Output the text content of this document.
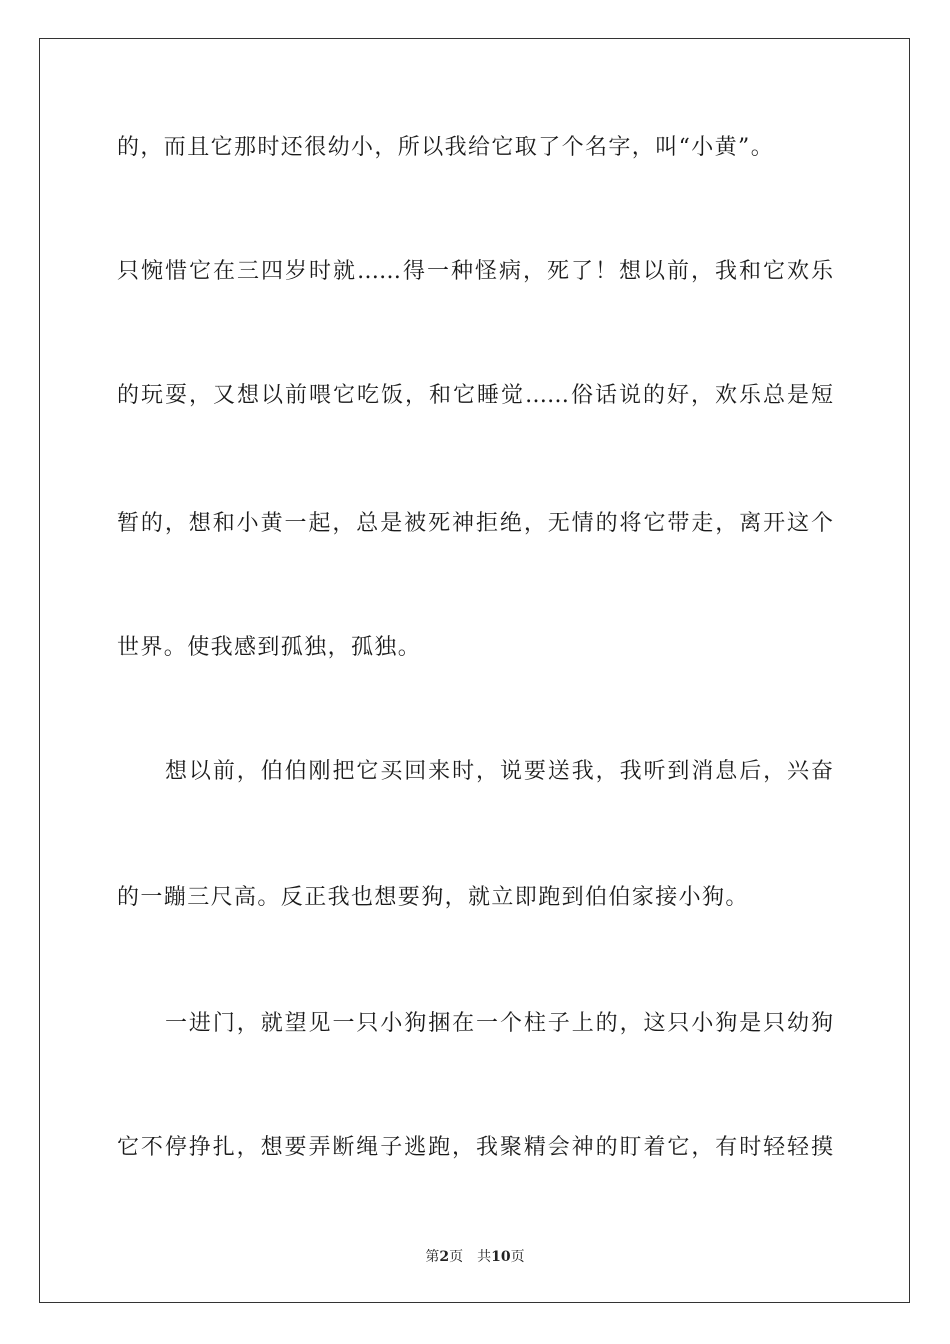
的，而且它那时还很幼小，所以我给它取了个名字，叫“小黄”。
只惋惜它在三四岁时就……得一种怪病，死了！想以前，我和它欢乐
的玩耍，又想以前喂它吃饭，和它睡觉……俗话说的好，欢乐总是短
暂的，想和小黄一起，总是被死神拒绝，无情的将它带走，离开这个
世界。使我感到孤独，孤独。
想以前，伯伯刚把它买回来时，说要送我，我听到消息后，兴奋
的一蹦三尺高。反正我也想要狗，就立即跑到伯伯家接小狗。
一进门，就望见一只小狗捆在一个柱子上的，这只小狗是只幼狗
它不停挣扎，想要弄断绳子逃跑，我聚精会神的盯着它，有时轻轻摸
第2页 共10页
